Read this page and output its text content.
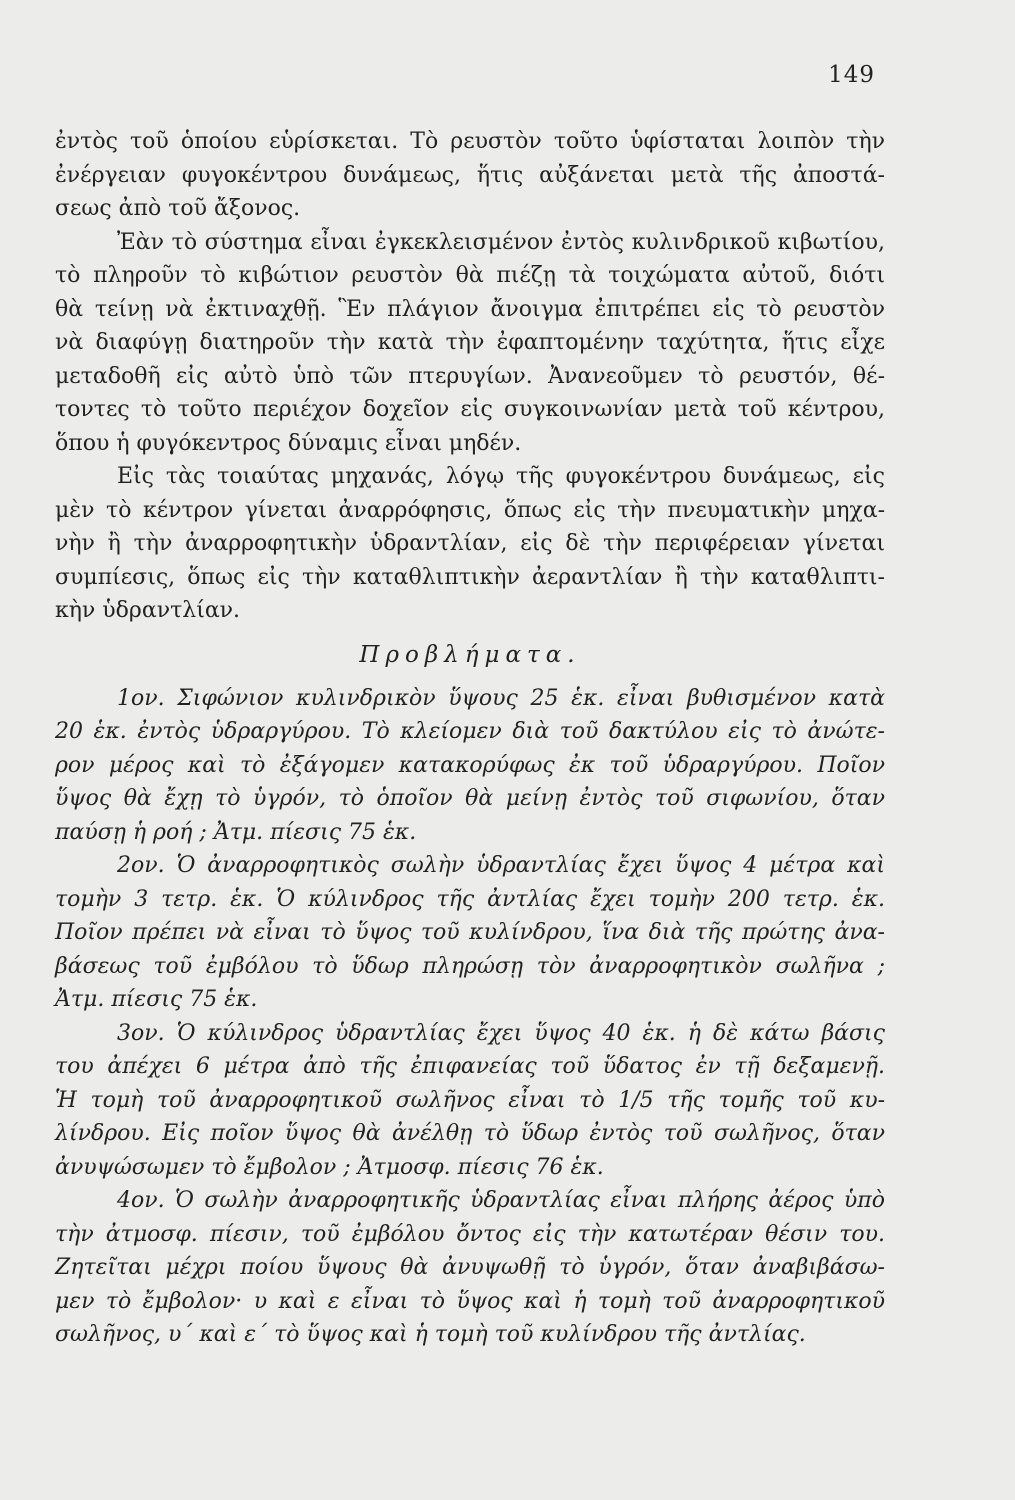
149
ἐντὸς τοῦ ὁποίου εὑρίσκεται. Τὸ ρευστὸν τοῦτο ὑφίσταται λοιπὸν τὴν
ἐνέργειαν φυγοκέντρου δυνάμεως, ἥτις αὐξάνεται μετὰ τῆς ἀποστά-
σεως ἀπὸ τοῦ ἄξονος.
Ἐὰν τὸ σύστημα εἶναι ἐγκεκλεισμένον ἐντὸς κυλινδρικοῦ κιβωτίου,
τὸ πληροῦν τὸ κιβώτιον ρευστὸν θὰ πιέζῃ τὰ τοιχώματα αὐτοῦ, διότι
θὰ τείνῃ νὰ ἐκτιναχθῇ. Ἓν πλάγιον ἄνοιγμα ἐπιτρέπει εἰς τὸ ρευστὸν
νὰ διαφύγῃ διατηροῦν τὴν κατὰ τὴν ἐφαπτομένην ταχύτητα, ἥτις εἶχε
μεταδοθῆ εἰς αὐτὸ ὑπὸ τῶν πτερυγίων. Ἀνανεοῦμεν τὸ ρευστόν, θέ-
τοντες τὸ τοῦτο περιέχον δοχεῖον εἰς συγκοινωνίαν μετὰ τοῦ κέντρου,
ὅπου ἡ φυγόκεντρος δύναμις εἶναι μηδέν.
Εἰς τὰς τοιαύτας μηχανάς, λόγῳ τῆς φυγοκέντρου δυνάμεως, εἰς
μὲν τὸ κέντρον γίνεται ἀναρρόφησις, ὅπως εἰς τὴν πνευματικὴν μηχα-
νὴν ἢ τὴν ἀναρροφητικὴν ὑδραντλίαν, εἰς δὲ τὴν περιφέρειαν γίνεται
συμπίεσις, ὅπως εἰς τὴν καταθλιπτικὴν ἀεραντλίαν ἢ τὴν καταθλιπτι-
κὴν ὑδραντλίαν.
Προβλήματα.
1ον. Σιφώνιον κυλινδρικὸν ὕψους 25 ἑκ. εἶναι βυθισμένον κατὰ
20 ἑκ. ἐντὸς ὑδραργύρου. Τὸ κλείομεν διὰ τοῦ δακτύλου εἰς τὸ ἀνώτε-
ρον μέρος καὶ τὸ ἐξάγομεν κατακορύφως ἐκ τοῦ ὑδραργύρου. Ποῖον
ὕψος θὰ ἔχῃ τὸ ὑγρόν, τὸ ὁποῖον θὰ μείνῃ ἐντὸς τοῦ σιφωνίου, ὅταν
παύσῃ ἡ ροή ; Ἀτμ. πίεσις 75 ἑκ.
2ον. Ὁ ἀναρροφητικὸς σωλὴν ὑδραντλίας ἔχει ὕψος 4 μέτρα καὶ
τομὴν 3 τετρ. ἑκ. Ὁ κύλινδρος τῆς ἀντλίας ἔχει τομὴν 200 τετρ. ἑκ.
Ποῖον πρέπει νὰ εἶναι τὸ ὕψος τοῦ κυλίνδρου, ἵνα διὰ τῆς πρώτης ἀνα-
βάσεως τοῦ ἐμβόλου τὸ ὕδωρ πληρώσῃ τὸν ἀναρροφητικὸν σωλῆνα ;
Ἀτμ. πίεσις 75 ἑκ.
3ον. Ὁ κύλινδρος ὑδραντλίας ἔχει ὕψος 40 ἑκ. ἡ δὲ κάτω βάσις
του ἀπέχει 6 μέτρα ἀπὸ τῆς ἐπιφανείας τοῦ ὕδατος ἐν τῇ δεξαμενῇ.
Ἡ τομὴ τοῦ ἀναρροφητικοῦ σωλῆνος εἶναι τὸ 1/5 τῆς τομῆς τοῦ κυ-
λίνδρου. Εἰς ποῖον ὕψος θὰ ἀνέλθῃ τὸ ὕδωρ ἐντὸς τοῦ σωλῆνος, ὅταν
ἀνυψώσωμεν τὸ ἔμβολον ; Ἀτμοσφ. πίεσις 76 ἑκ.
4ον. Ὁ σωλὴν ἀναρροφητικῆς ὑδραντλίας εἶναι πλήρης ἀέρος ὑπὸ
τὴν ἀτμοσφ. πίεσιν, τοῦ ἐμβόλου ὄντος εἰς τὴν κατωτέραν θέσιν του.
Ζητεῖται μέχρι ποίου ὕψους θὰ ἀνυψωθῇ τὸ ὑγρόν, ὅταν ἀναβιβάσω-
μεν τὸ ἔμβολον· υ καὶ ε εἶναι τὸ ὕψος καὶ ἡ τομὴ τοῦ ἀναρροφητικοῦ
σωλῆνος, υ΄ καὶ ε΄ τὸ ὕψος καὶ ἡ τομὴ τοῦ κυλίνδρου τῆς ἀντλίας.
